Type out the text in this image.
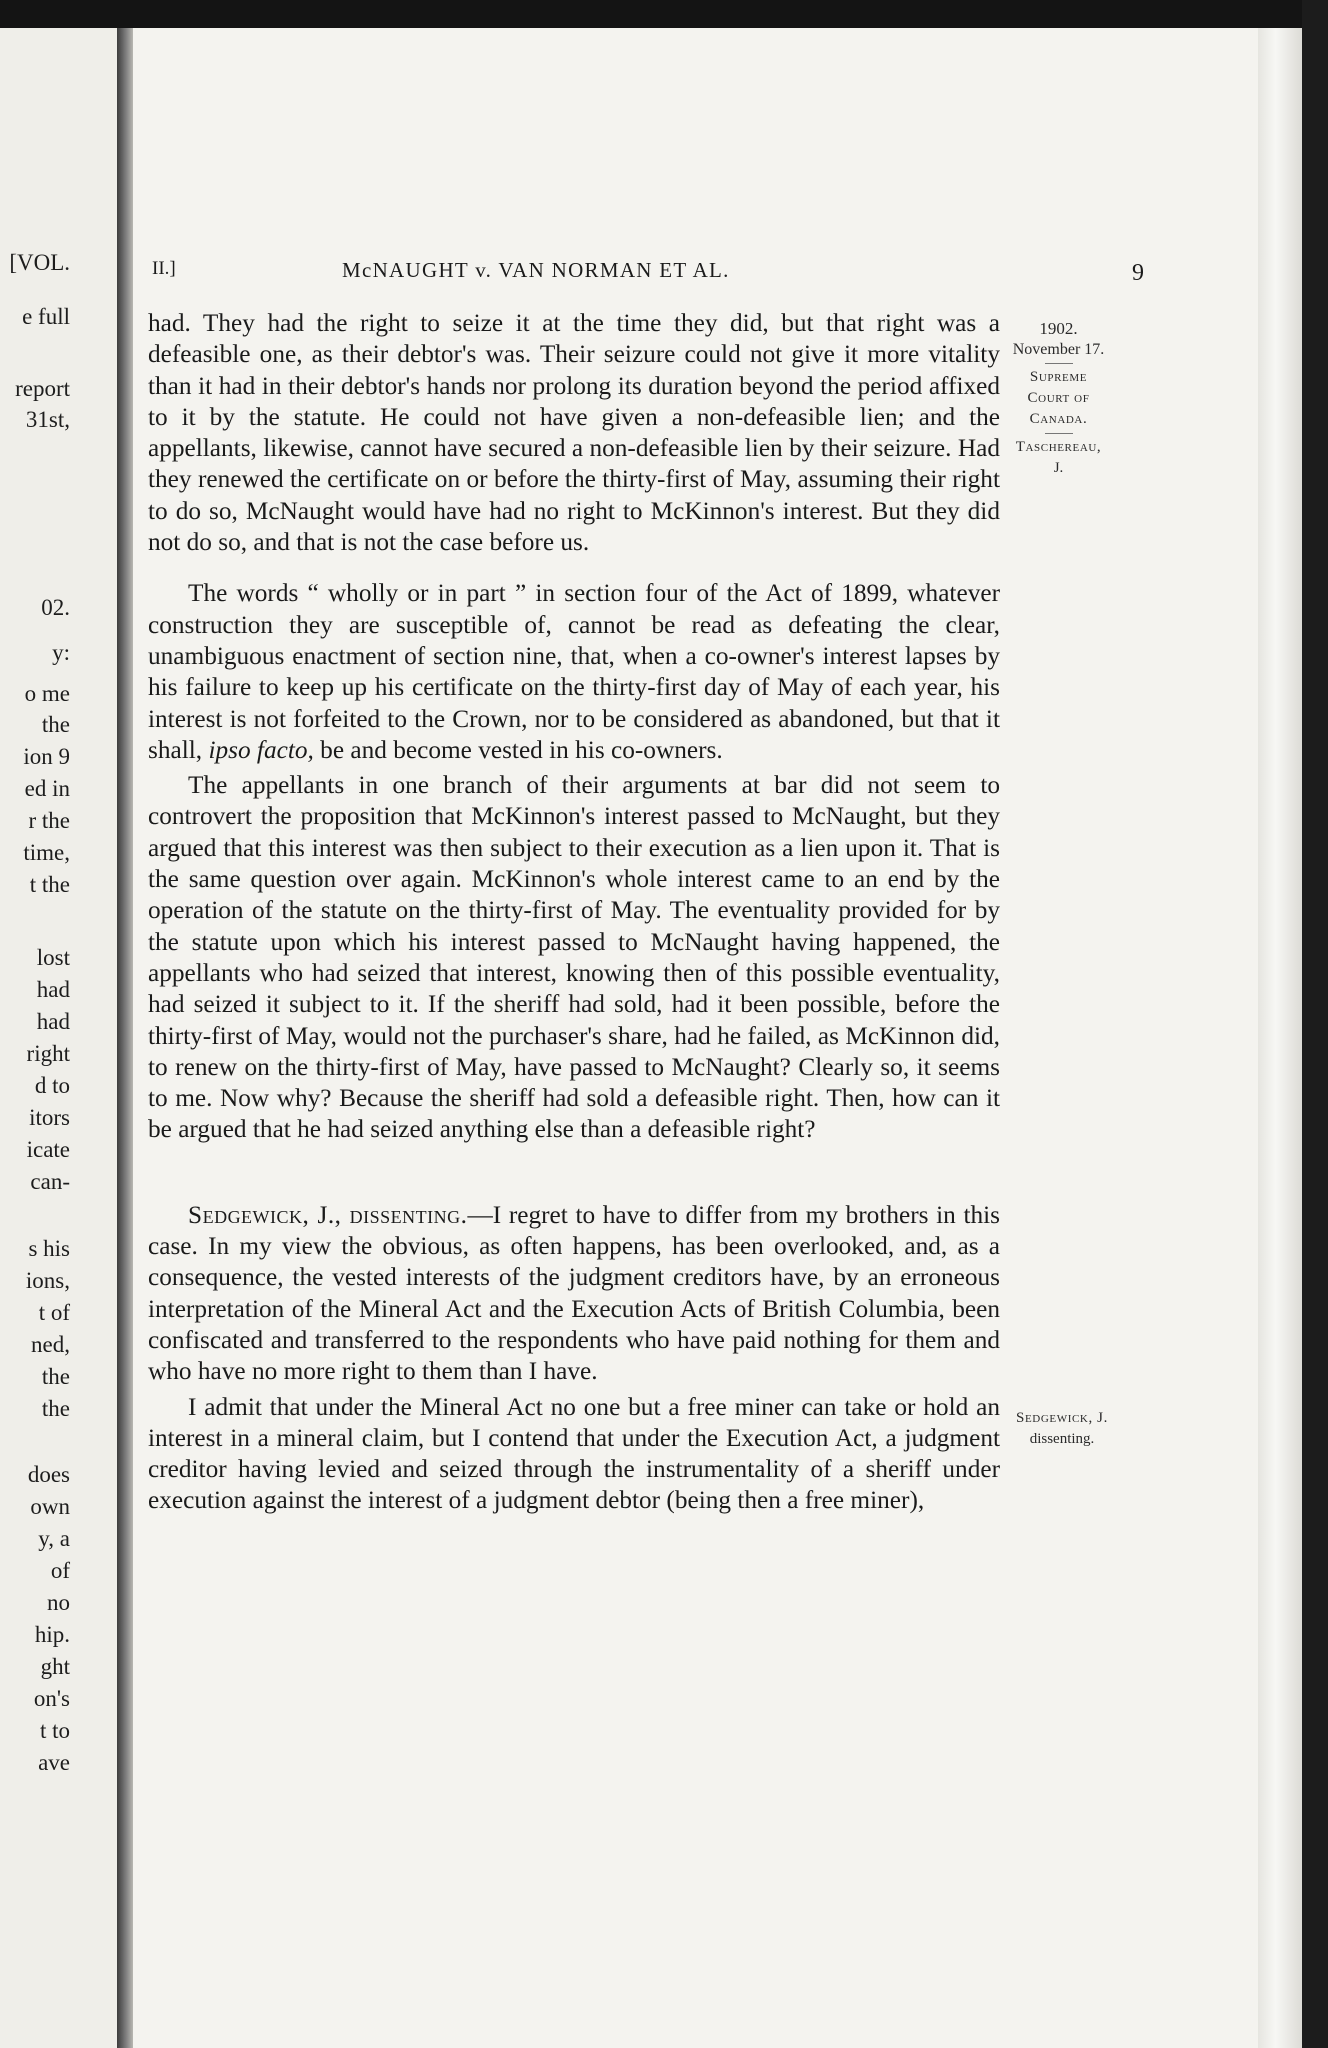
[VOL.
e full
report
31st,
02.
y:
o me
the
ion 9
ed in
r the
time,
t the
lost
had
had
right
d to
itors
icate
can-
s his
ions,
t of
ned,
the
the
does
own
y, a
of
no
hip.
ght
on's
t to
ave
II.]	McNAUGHT v. VAN NORMAN ET AL.	9
1902.
November 17.
Supreme
Court of
Canada.
Taschereau,
J.
Sedgewick, J.
dissenting.

had. They had the right to seize it at the time they did, but that right was a defeasible one, as their debtor's was. Their seizure could not give it more vitality than it had in their debtor's hands nor prolong its duration beyond the period affixed to it by the statute. He could not have given a non-defeasible lien; and the appellants, likewise, cannot have secured a non-defeasible lien by their seizure. Had they renewed the certificate on or before the thirty-first of May, assuming their right to do so, McNaught would have had no right to McKinnon's interest. But they did not do so, and that is not the case before us.

The words “ wholly or in part ” in section four of the Act of 1899, whatever construction they are susceptible of, cannot be read as defeating the clear, unambiguous enactment of section nine, that, when a co-owner's interest lapses by his failure to keep up his certificate on the thirty-first day of May of each year, his interest is not forfeited to the Crown, nor to be considered as abandoned, but that it shall, ipso facto, be and become vested in his co-owners.

The appellants in one branch of their arguments at bar did not seem to controvert the proposition that McKinnon's interest passed to McNaught, but they argued that this interest was then subject to their execution as a lien upon it. That is the same question over again. McKinnon's whole interest came to an end by the operation of the statute on the thirty-first of May. The eventuality provided for by the statute upon which his interest passed to McNaught having happened, the appellants who had seized that interest, knowing then of this possible eventuality, had seized it subject to it. If the sheriff had sold, had it been possible, before the thirty-first of May, would not the purchaser's share, had he failed, as McKinnon did, to renew on the thirty-first of May, have passed to McNaught? Clearly so, it seems to me. Now why? Because the sheriff had sold a defeasible right. Then, how can it be argued that he had seized anything else than a defeasible right?

Sedgewick, J., dissenting.—I regret to have to differ from my brothers in this case. In my view the obvious, as often happens, has been overlooked, and, as a consequence, the vested interests of the judgment creditors have, by an erroneous interpretation of the Mineral Act and the Execution Acts of British Columbia, been confiscated and transferred to the respondents who have paid nothing for them and who have no more right to them than I have.

I admit that under the Mineral Act no one but a free miner can take or hold an interest in a mineral claim, but I contend that under the Execution Act, a judgment creditor having levied and seized through the instrumentality of a sheriff under execution against the interest of a judgment debtor (being then a free miner),
